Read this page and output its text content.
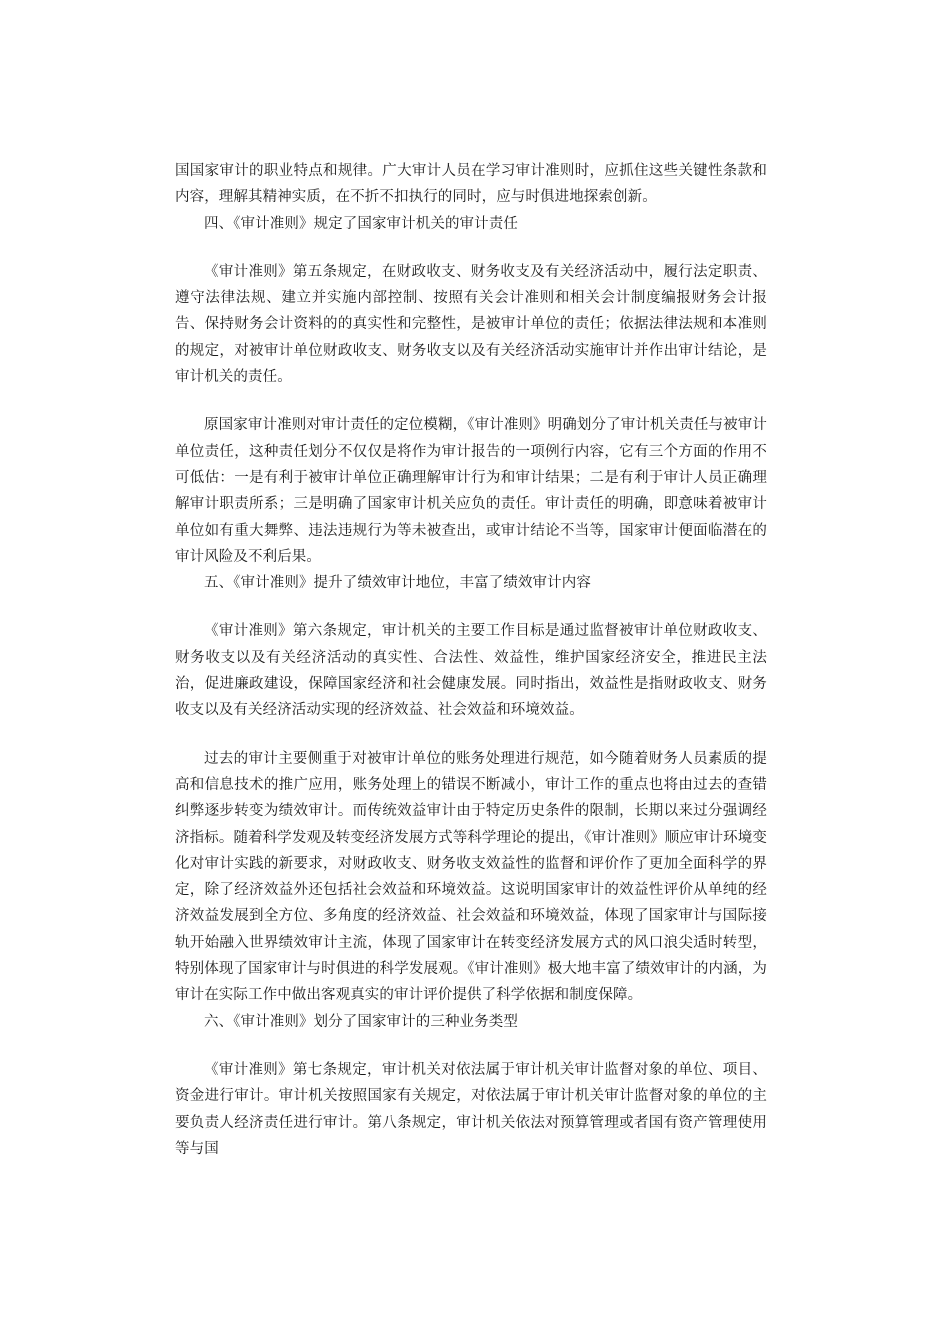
国国家审计的职业特点和规律。广大审计人员在学习审计准则时，应抓住这些关键性条款和内容，理解其精神实质，在不折不扣执行的同时，应与时俱进地探索创新。

四、《审计准则》规定了国家审计机关的审计责任

《审计准则》第五条规定，在财政收支、财务收支及有关经济活动中，履行法定职责、遵守法律法规、建立并实施内部控制、按照有关会计准则和相关会计制度编报财务会计报告、保持财务会计资料的的真实性和完整性，是被审计单位的责任；依据法律法规和本准则的规定，对被审计单位财政收支、财务收支以及有关经济活动实施审计并作出审计结论，是审计机关的责任。

原国家审计准则对审计责任的定位模糊，《审计准则》明确划分了审计机关责任与被审计单位责任，这种责任划分不仅仅是将作为审计报告的一项例行内容，它有三个方面的作用不可低估：一是有利于被审计单位正确理解审计行为和审计结果；二是有利于审计人员正确理解审计职责所系；三是明确了国家审计机关应负的责任。审计责任的明确，即意味着被审计单位如有重大舞弊、违法违规行为等未被查出，或审计结论不当等，国家审计便面临潜在的审计风险及不利后果。

五、《审计准则》提升了绩效审计地位，丰富了绩效审计内容

《审计准则》第六条规定，审计机关的主要工作目标是通过监督被审计单位财政收支、财务收支以及有关经济活动的真实性、合法性、效益性，维护国家经济安全，推进民主法治，促进廉政建设，保障国家经济和社会健康发展。同时指出，效益性是指财政收支、财务收支以及有关经济活动实现的经济效益、社会效益和环境效益。

过去的审计主要侧重于对被审计单位的账务处理进行规范，如今随着财务人员素质的提高和信息技术的推广应用，账务处理上的错误不断减小，审计工作的重点也将由过去的查错纠弊逐步转变为绩效审计。而传统效益审计由于特定历史条件的限制，长期以来过分强调经济指标。随着科学发观及转变经济发展方式等科学理论的提出，《审计准则》顺应审计环境变化对审计实践的新要求，对财政收支、财务收支效益性的监督和评价作了更加全面科学的界定，除了经济效益外还包括社会效益和环境效益。这说明国家审计的效益性评价从单纯的经济效益发展到全方位、多角度的经济效益、社会效益和环境效益，体现了国家审计与国际接轨开始融入世界绩效审计主流，体现了国家审计在转变经济发展方式的风口浪尖适时转型，特别体现了国家审计与时俱进的科学发展观。《审计准则》极大地丰富了绩效审计的内涵，为审计在实际工作中做出客观真实的审计评价提供了科学依据和制度保障。

六、《审计准则》划分了国家审计的三种业务类型

《审计准则》第七条规定，审计机关对依法属于审计机关审计监督对象的单位、项目、资金进行审计。审计机关按照国家有关规定，对依法属于审计机关审计监督对象的单位的主要负责人经济责任进行审计。第八条规定，审计机关依法对预算管理或者国有资产管理使用等与国
